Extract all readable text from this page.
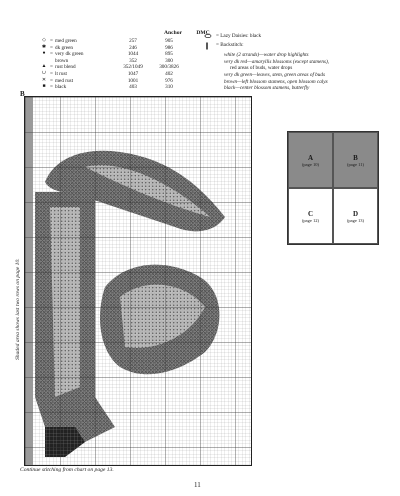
Anchor	DMC
◇ = med green	257	905
✱ = dk green	246	986
● = very dk green	1044	895
brown	352	300
▲ = rust blend	352/1049	300/3826
∪ = lt rust	1047	402
✕ = med rust	1001	976
■ = black	403	310
= Lazy Daisies: black
= Backstitch:
white (2 strands)—water drop highlights
very dk red—amaryllis blossoms (except stamens),
red areas of buds, water drops
very dk green—leaves, stem, green areas of buds
brown—left blossom stamens, open blossom calyx
black—center blossom stamens, butterfly
B
Shaded area shows last two rows on page 10.
Continue stitching from chart on page 13.
A
(page 10)
B
(page 11)
C
(page 12)
D
(page 13)
11
